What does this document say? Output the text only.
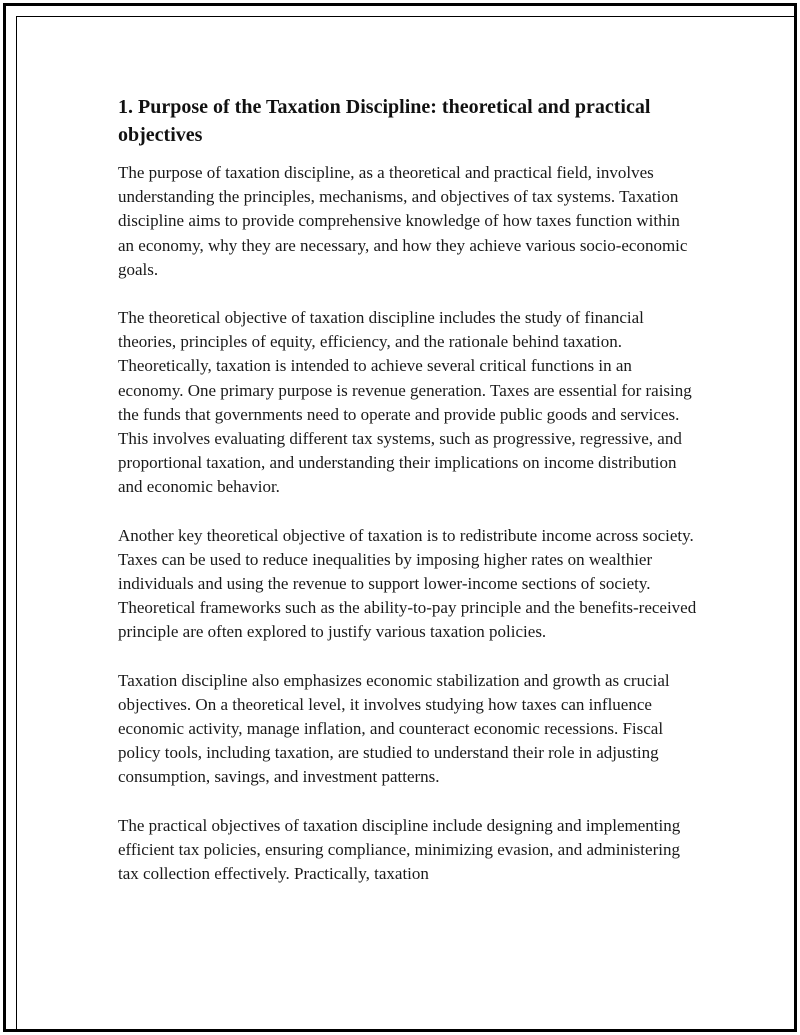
1. Purpose of the Taxation Discipline: theoretical and practical objectives

The purpose of taxation discipline, as a theoretical and practical field, involves understanding the principles, mechanisms, and objectives of tax systems. Taxation discipline aims to provide comprehensive knowledge of how taxes function within an economy, why they are necessary, and how they achieve various socio-economic goals.

The theoretical objective of taxation discipline includes the study of financial theories, principles of equity, efficiency, and the rationale behind taxation. Theoretically, taxation is intended to achieve several critical functions in an economy. One primary purpose is revenue generation. Taxes are essential for raising the funds that governments need to operate and provide public goods and services. This involves evaluating different tax systems, such as progressive, regressive, and proportional taxation, and understanding their implications on income distribution and economic behavior.

Another key theoretical objective of taxation is to redistribute income across society. Taxes can be used to reduce inequalities by imposing higher rates on wealthier individuals and using the revenue to support lower-income sections of society. Theoretical frameworks such as the ability-to-pay principle and the benefits-received principle are often explored to justify various taxation policies.

Taxation discipline also emphasizes economic stabilization and growth as crucial objectives. On a theoretical level, it involves studying how taxes can influence economic activity, manage inflation, and counteract economic recessions. Fiscal policy tools, including taxation, are studied to understand their role in adjusting consumption, savings, and investment patterns.

The practical objectives of taxation discipline include designing and implementing efficient tax policies, ensuring compliance, minimizing evasion, and administering tax collection effectively. Practically, taxation
